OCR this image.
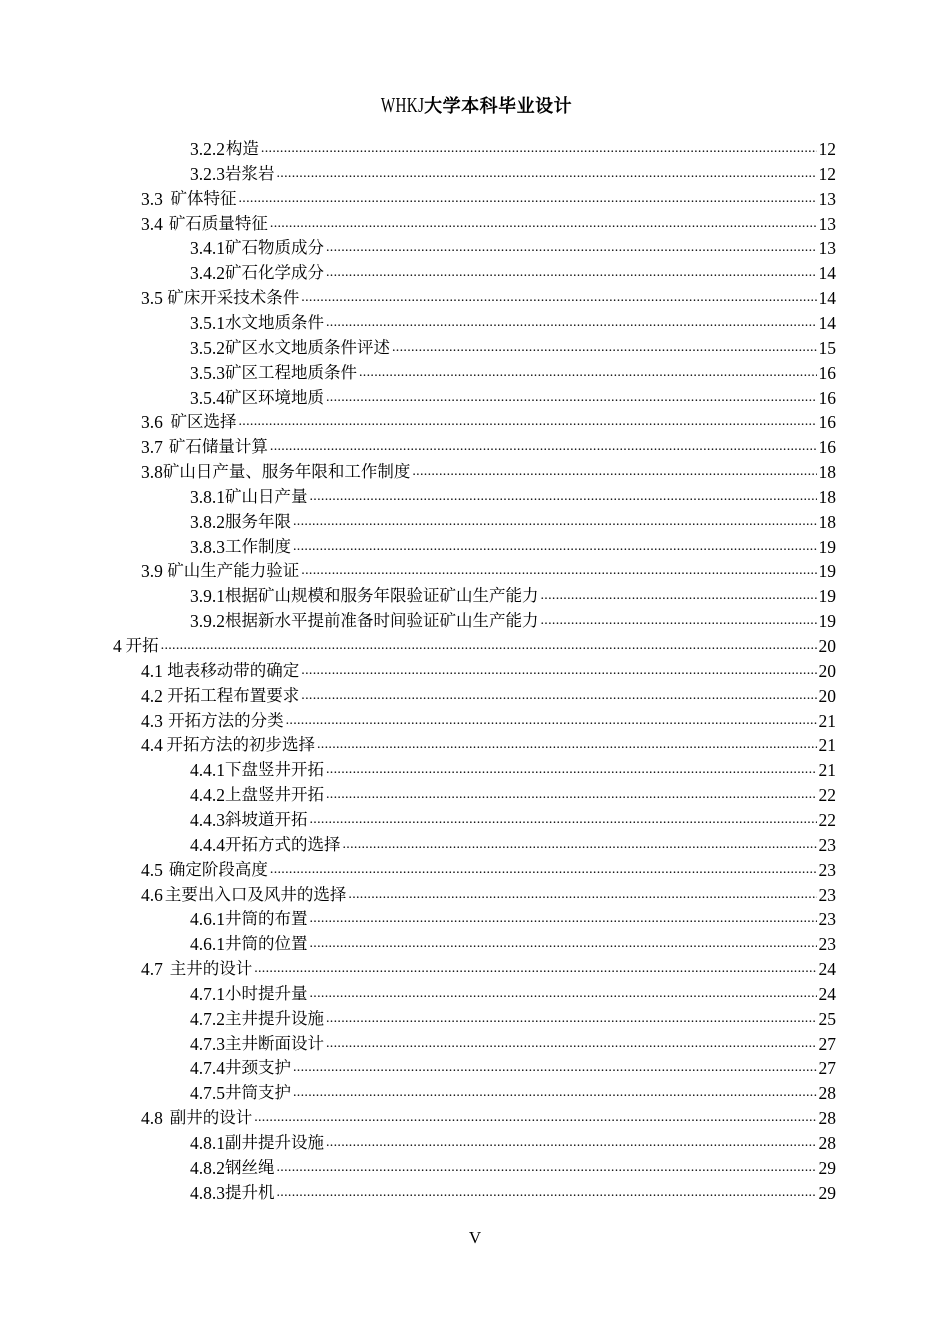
WHKJ大学本科毕业设计
3.2.2 构造 .....	12
3.2.3 岩浆岩 .....	12
3.3 矿体特征 .....	13
3.4 矿石质量特征 .....	13
3.4.1 矿石物质成分 .....	13
3.4.2 矿石化学成分 .....	14
3.5 矿床开采技术条件 .....	14
3.5.1 水文地质条件 .....	14
3.5.2 矿区水文地质条件评述 .....	15
3.5.3 矿区工程地质条件 .....	16
3.5.4 矿区环境地质 .....	16
3.6 矿区选择 .....	16
3.7 矿石储量计算 .....	16
3.8 矿山日产量、服务年限和工作制度 .....	18
3.8.1 矿山日产量 .....	18
3.8.2 服务年限 .....	18
3.8.3 工作制度 .....	19
3.9 矿山生产能力验证 .....	19
3.9.1 根据矿山规模和服务年限验证矿山生产能力 .....	19
3.9.2 根据新水平提前准备时间验证矿山生产能力 .....	19
4 开拓 .....	20
4.1 地表移动带的确定 .....	20
4.2 开拓工程布置要求 .....	20
4.3 开拓方法的分类 .....	21
4.4 开拓方法的初步选择 .....	21
4.4.1 下盘竖井开拓 .....	21
4.4.2 上盘竖井开拓 .....	22
4.4.3 斜坡道开拓 .....	22
4.4.4 开拓方式的选择 .....	23
4.5 确定阶段高度 .....	23
4.6 主要出入口及风井的选择 .....	23
4.6.1 井筒的布置 .....	23
4.6.1 井筒的位置 .....	23
4.7 主井的设计 .....	24
4.7.1 小时提升量 .....	24
4.7.2 主井提升设施 .....	25
4.7.3 主井断面设计 .....	27
4.7.4 井颈支护 .....	27
4.7.5 井筒支护 .....	28
4.8 副井的设计 .....	28
4.8.1 副井提升设施 .....	28
4.8.2 钢丝绳 .....	29
4.8.3 提升机 .....	29
V
